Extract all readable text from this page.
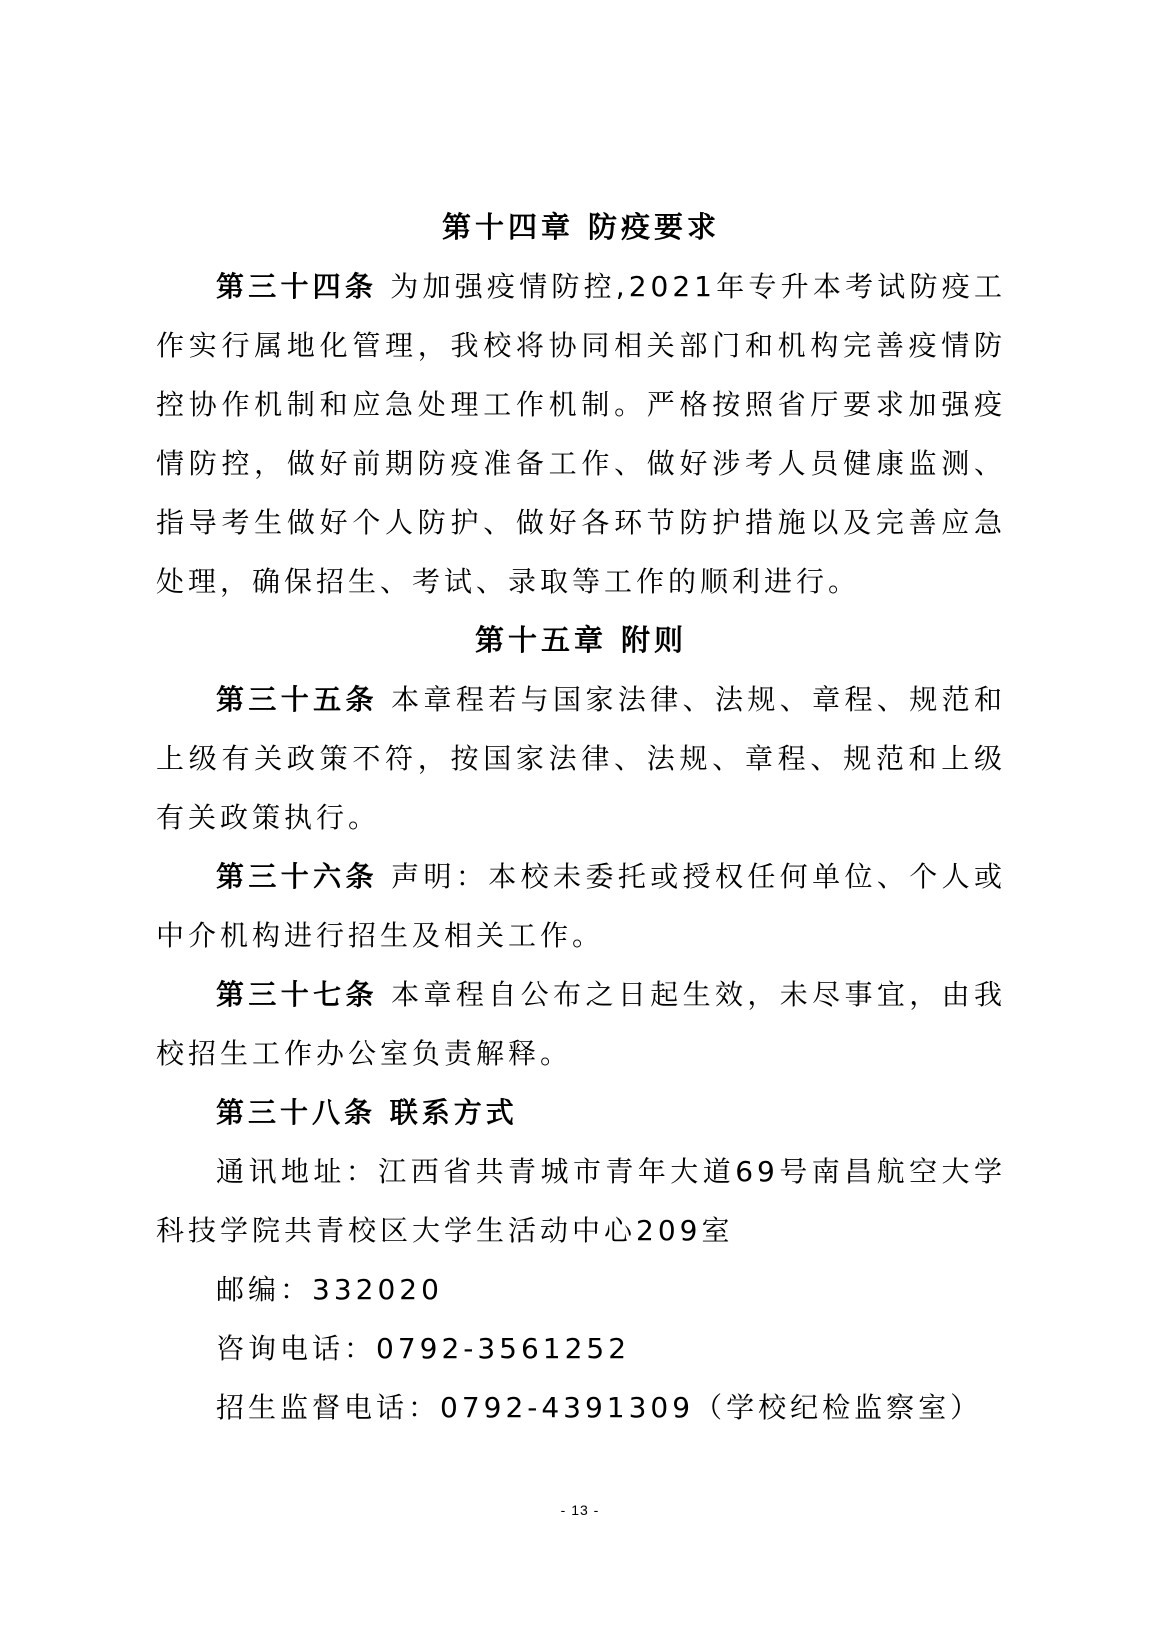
第十四章 防疫要求

第三十四条 为加强疫情防控,2021年专升本考试防疫工作实行属地化管理，我校将协同相关部门和机构完善疫情防控协作机制和应急处理工作机制。严格按照省厅要求加强疫情防控，做好前期防疫准备工作、做好涉考人员健康监测、指导考生做好个人防护、做好各环节防护措施以及完善应急处理，确保招生、考试、录取等工作的顺利进行。

第十五章 附则

第三十五条 本章程若与国家法律、法规、章程、规范和上级有关政策不符，按国家法律、法规、章程、规范和上级有关政策执行。

第三十六条 声明：本校未委托或授权任何单位、个人或中介机构进行招生及相关工作。

第三十七条 本章程自公布之日起生效，未尽事宜，由我校招生工作办公室负责解释。

第三十八条 联系方式

通讯地址：江西省共青城市青年大道69号南昌航空大学科技学院共青校区大学生活动中心209室

邮编：332020

咨询电话：0792-3561252

招生监督电话：0792-4391309（学校纪检监察室）

- 13 -
